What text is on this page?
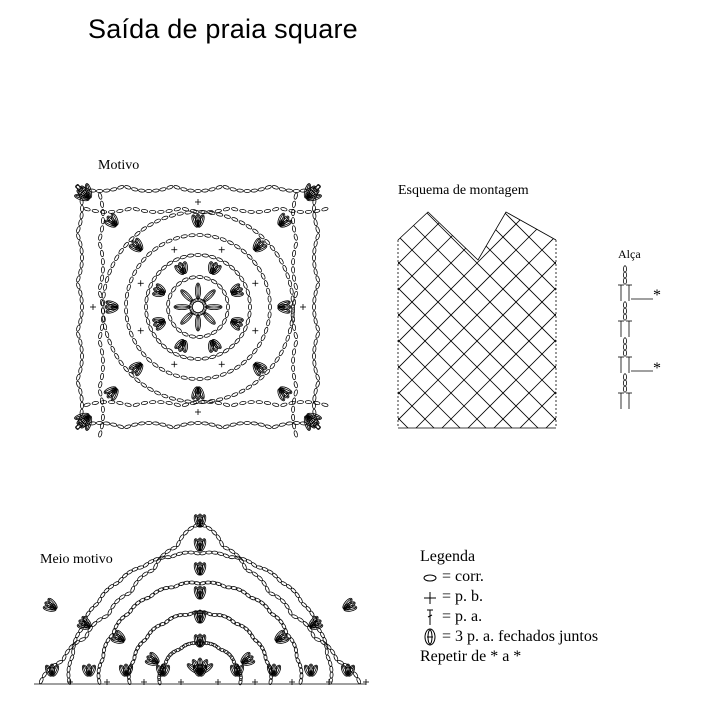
Saída de praia square
Motivo
Esquema de montagem
Alça
Meio motivo
*
*
Legenda
= corr.
= p. b.
= p. a.
= 3 p. a. fechados juntos
Repetir de * a *
